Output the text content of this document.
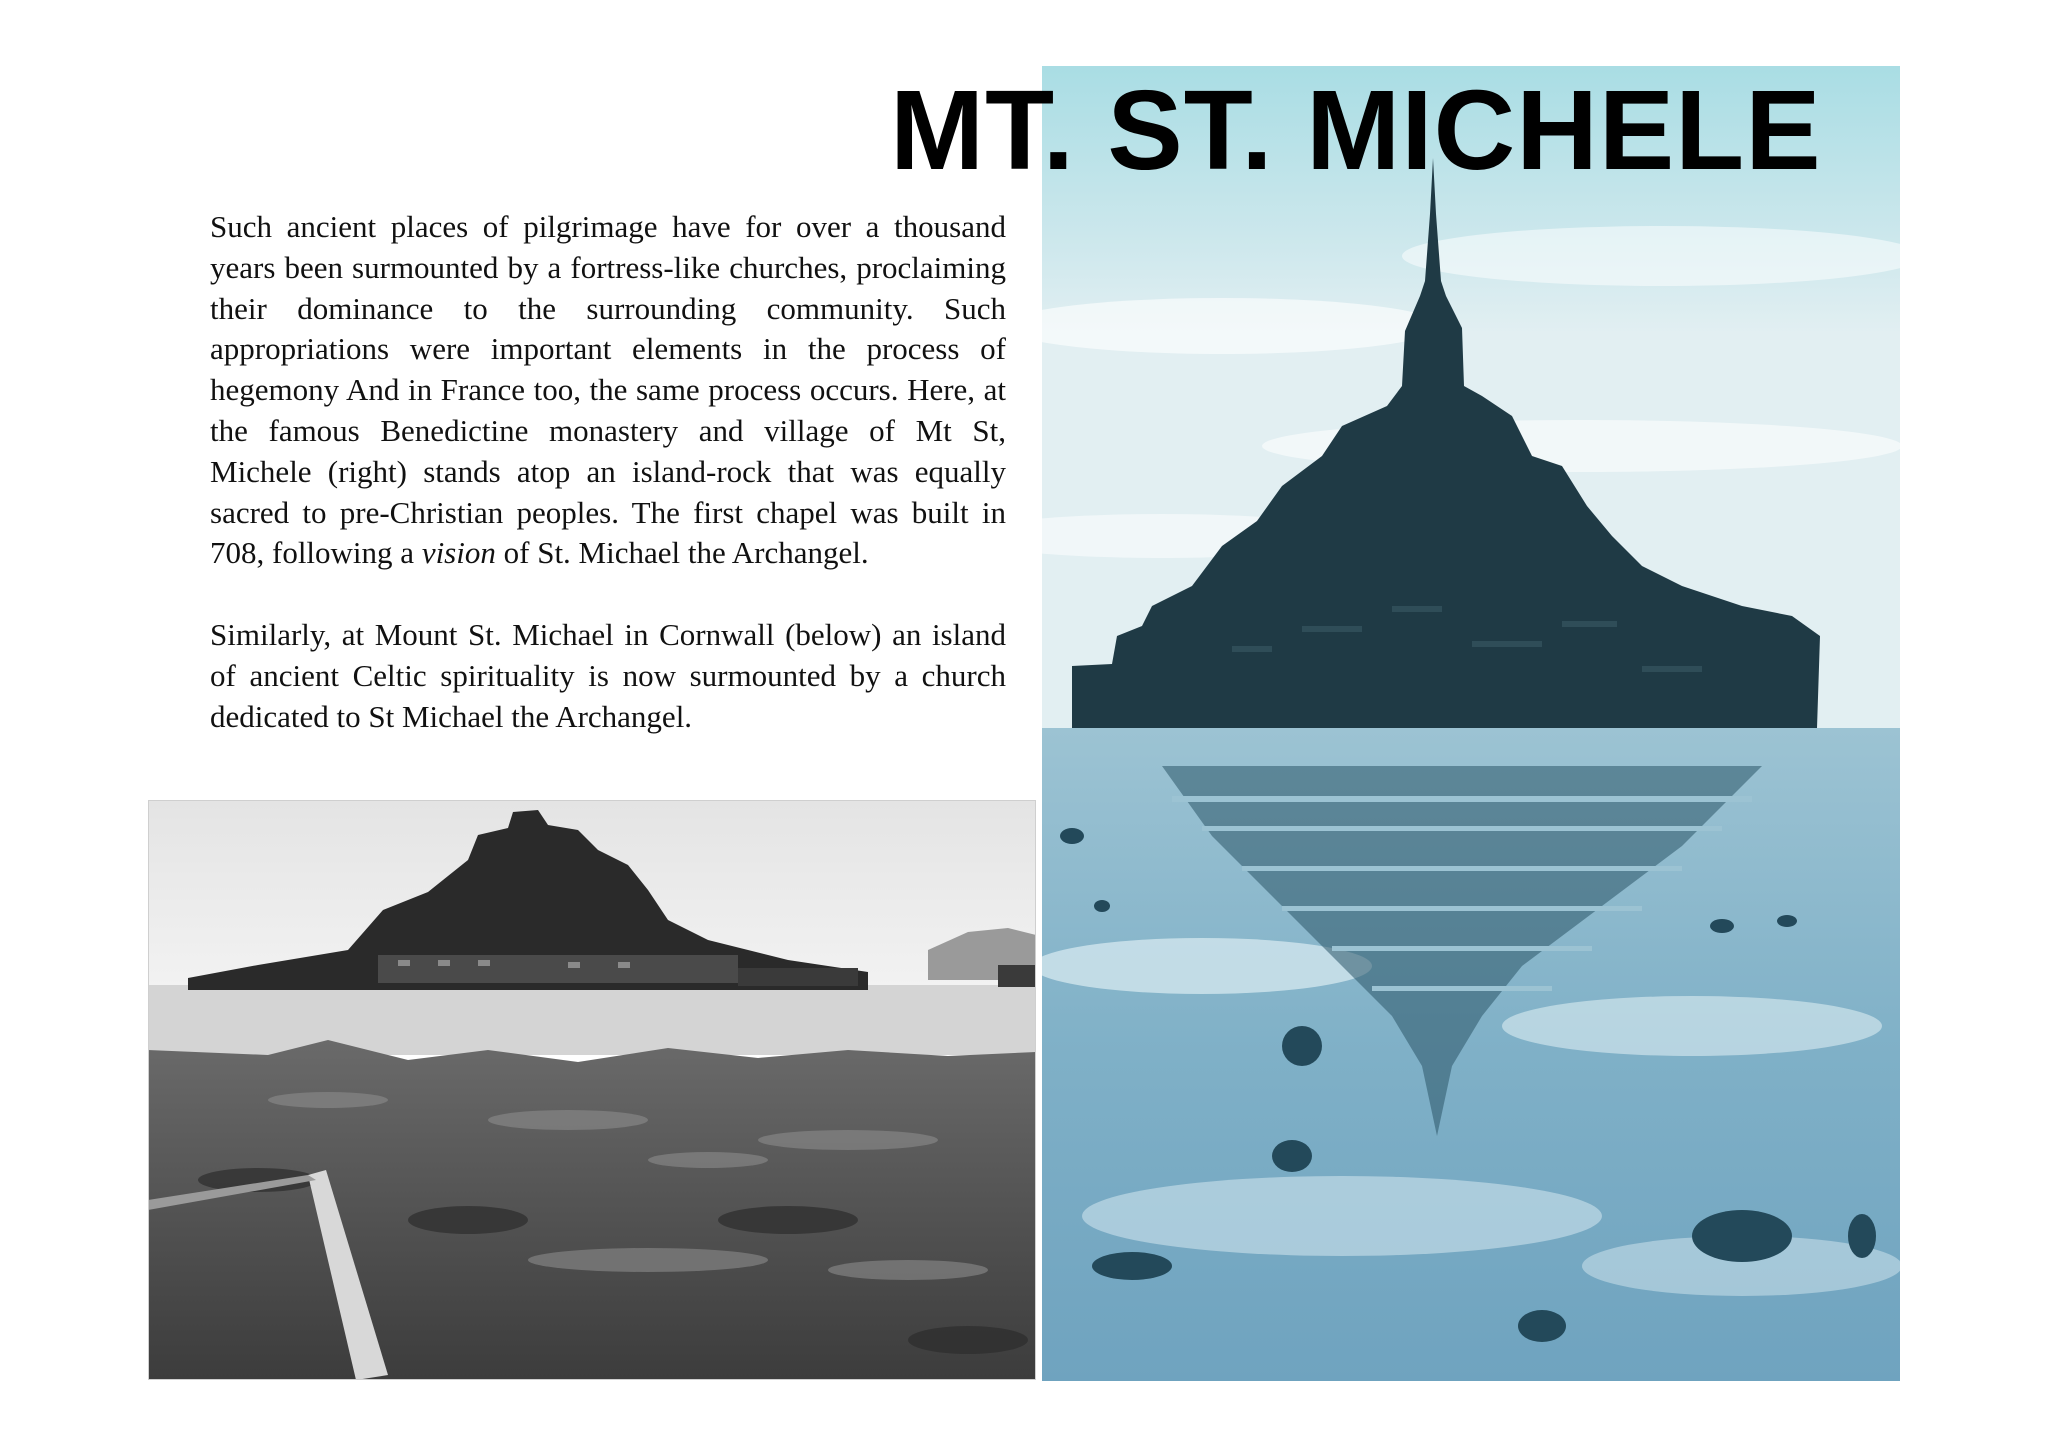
MT. ST. MICHELE

Such ancient places of pilgrimage have for over a thousand years been surmounted by a fortress-like churches, proclaiming their dominance to the surrounding community. Such appropriations were important elements in the process of hegemony And in France too, the same process occurs. Here, at the famous Benedictine monastery and village of Mt St, Michele (right) stands atop an island-rock that was equally sacred to pre-Christian peoples. The first chapel was built in 708, following a vision of St. Michael the Archangel.

Similarly, at Mount St. Michael in Cornwall (below) an island of ancient Celtic spirituality is now surmounted by a church dedicated to St Michael the Archangel.
